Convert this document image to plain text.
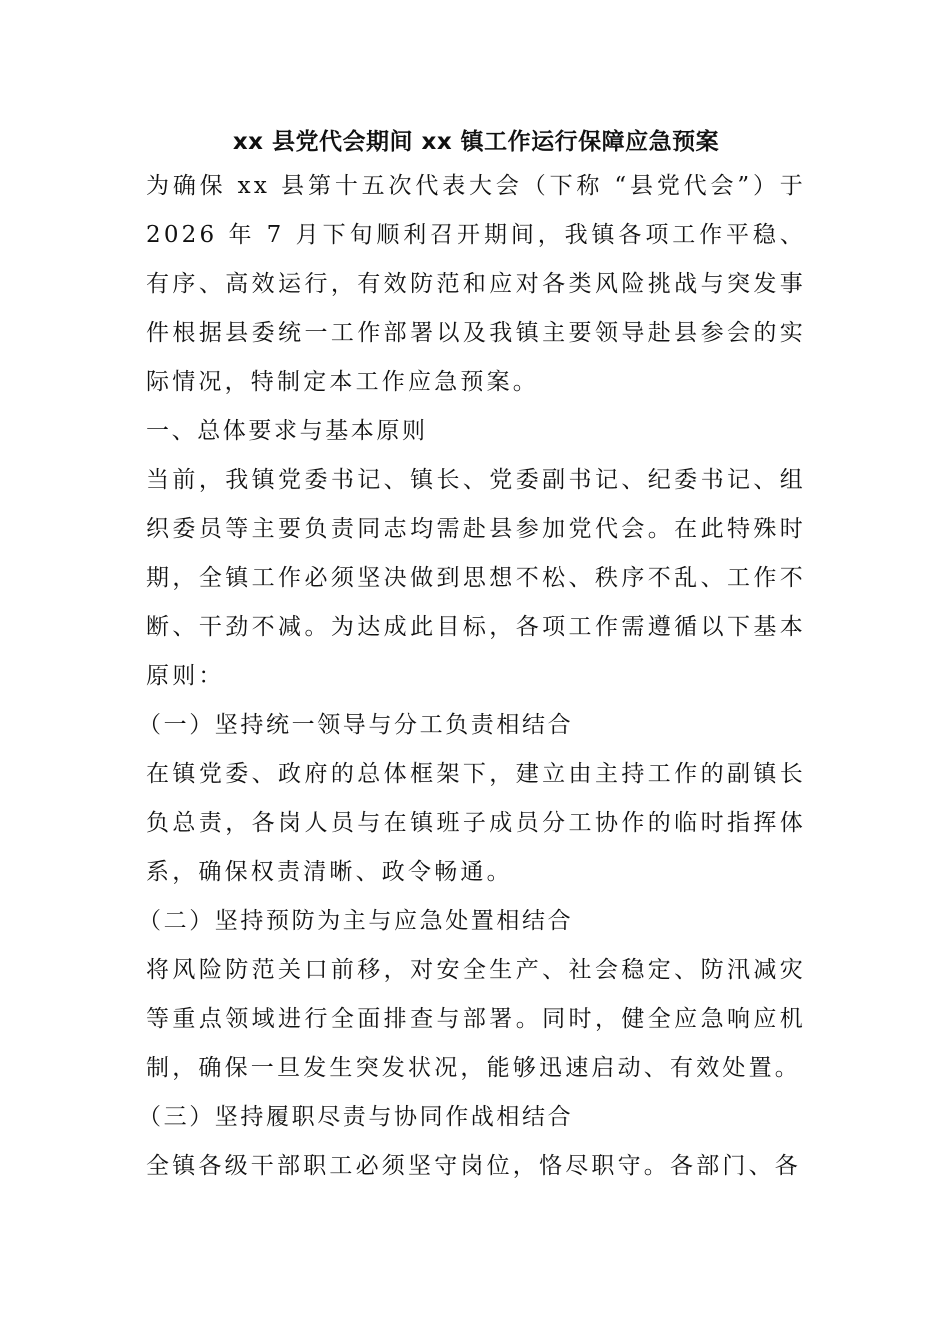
xx 县党代会期间 xx 镇工作运行保障应急预案

为确保 xx 县第十五次代表大会（下称 “县党代会”）于2026 年 7 月下旬顺利召开期间，我镇各项工作平稳、有序、高效运行，有效防范和应对各类风险挑战与突发事件根据县委统一工作部署以及我镇主要领导赴县参会的实际情况，特制定本工作应急预案。

一、总体要求与基本原则

当前，我镇党委书记、镇长、党委副书记、纪委书记、组织委员等主要负责同志均需赴县参加党代会。在此特殊时期，全镇工作必须坚决做到思想不松、秩序不乱、工作不断、干劲不减。为达成此目标，各项工作需遵循以下基本原则：

（一）坚持统一领导与分工负责相结合

在镇党委、政府的总体框架下，建立由主持工作的副镇长负总责，各岗人员与在镇班子成员分工协作的临时指挥体系，确保权责清晰、政令畅通。

（二）坚持预防为主与应急处置相结合

将风险防范关口前移，对安全生产、社会稳定、防汛减灾等重点领域进行全面排查与部署。同时，健全应急响应机制，确保一旦发生突发状况，能够迅速启动、有效处置。

（三）坚持履职尽责与协同作战相结合

全镇各级干部职工必须坚守岗位，恪尽职守。各部门、各
